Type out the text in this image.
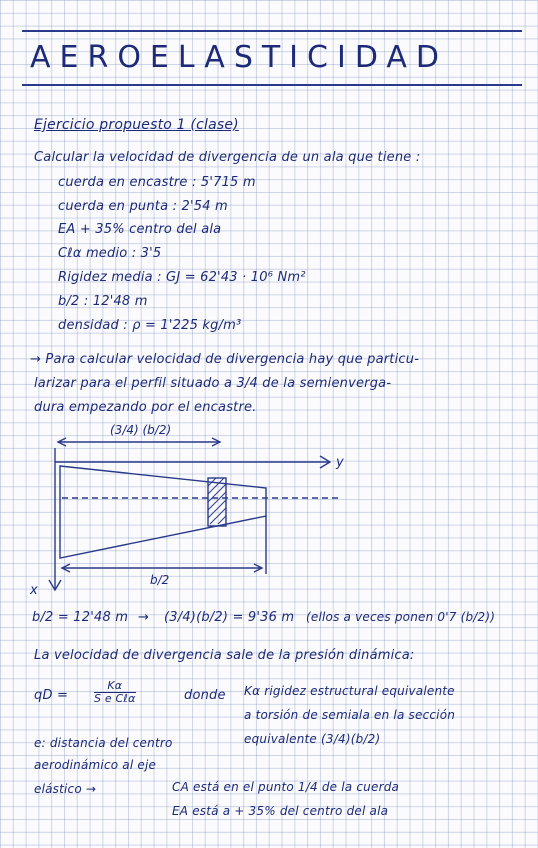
AEROELASTICIDAD
Ejercicio propuesto 1 (clase)
Calcular la velocidad de divergencia de un ala que tiene :
cuerda en encastre : 5'715 m
cuerda en punta : 2'54 m
EA + 35% centro del ala
Cℓα medio : 3'5
Rigidez media : GJ = 62'43 · 10⁶ Nm²
b/2 : 12'48 m
densidad : ρ = 1'225 kg/m³
→ Para calcular velocidad de divergencia hay que particu-
larizar para el perfil situado a 3/4 de la semienverga-
dura empezando por el encastre.
(3/4) (b/2)
y
x
b/2
b/2 = 12'48 m → (3/4)(b/2) = 9'36 m (ellos a veces ponen 0'7 (b/2))
La velocidad de divergencia sale de la presión dinámica:
qD = $\frac{K\alpha}{\text{S e Cℓα}}$	donde Kα rigidez estructural equivalente
a torsión de semiala en la sección
equivalente (3/4)(b/2)
e: distancia del centro
aerodinámico al eje
elástico →	CA está en el punto 1/4 de la cuerda
EA está a + 35% del centro del ala
